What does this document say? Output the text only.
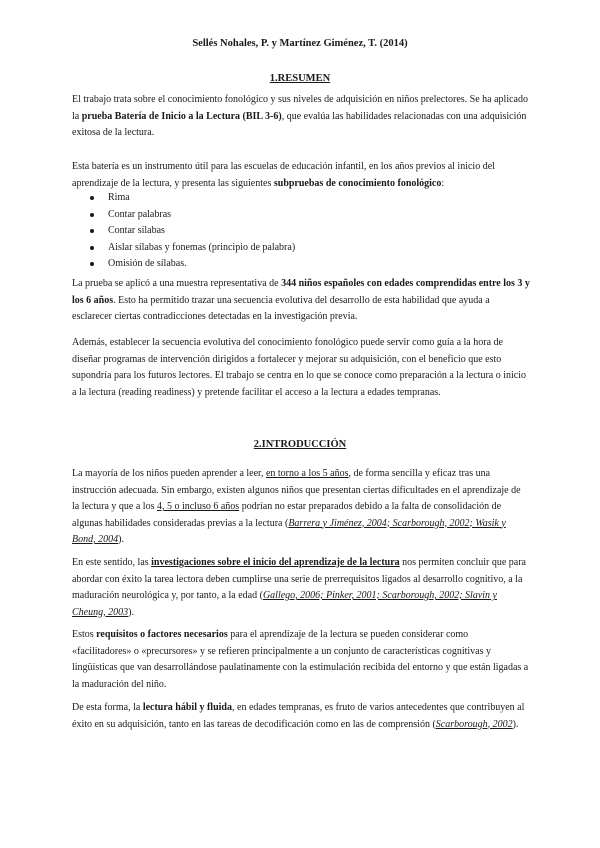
Sellés Nohales, P. y Martínez Giménez, T. (2014)
1.RESUMEN

El trabajo trata sobre el conocimiento fonológico y sus niveles de adquisición en niños prelectores. Se ha aplicado la prueba Batería de Inicio a la Lectura (BIL 3-6), que evalúa las habilidades relacionadas con una adquisición exitosa de la lectura.

Esta batería es un instrumento útil para las escuelas de educación infantil, en los años previos al inicio del aprendizaje de la lectura, y presenta las siguientes subpruebas de conocimiento fonológico:

Rima
Contar palabras
Contar sílabas
Aislar sílabas y fonemas (principio de palabra)
Omisión de sílabas.

La prueba se aplicó a una muestra representativa de 344 niños españoles con edades comprendidas entre los 3 y los 6 años. Esto ha permitido trazar una secuencia evolutiva del desarrollo de esta habilidad que ayuda a esclarecer ciertas contradicciones detectadas en la investigación previa.

Además, establecer la secuencia evolutiva del conocimiento fonológico puede servir como guía a la hora de diseñar programas de intervención dirigidos a fortalecer y mejorar su adquisición, con el beneficio que esto supondría para los futuros lectores. El trabajo se centra en lo que se conoce como preparación a la lectura o inicio a la lectura (reading readiness) y pretende facilitar el acceso a la lectura a edades tempranas.

2.INTRODUCCIÓN

La mayoría de los niños pueden aprender a leer, en torno a los 5 años, de forma sencilla y eficaz tras una instrucción adecuada. Sin embargo, existen algunos niños que presentan ciertas dificultades en el aprendizaje de la lectura y que a los 4, 5 o incluso 6 años podrían no estar preparados debido a la falta de consolidación de algunas habilidades consideradas previas a la lectura (Barrera y Jiménez, 2004; Scarborough, 2002; Wasik y Bond, 2004).

En este sentido, las investigaciones sobre el inicio del aprendizaje de la lectura nos permiten concluir que para abordar con éxito la tarea lectora deben cumplirse una serie de prerrequisitos ligados al desarrollo cognitivo, a la maduración neurológica y, por tanto, a la edad (Gallego, 2006; Pinker, 2001; Scarborough, 2002; Slavin y Cheung, 2003).

Estos requisitos o factores necesarios para el aprendizaje de la lectura se pueden considerar como «facilitadores» o «precursores» y se refieren principalmente a un conjunto de características cognitivas y lingüísticas que van desarrollándose paulatinamente con la estimulación recibida del entorno y que están ligadas a la maduración del niño.

De esta forma, la lectura hábil y fluida, en edades tempranas, es fruto de varios antecedentes que contribuyen al éxito en su adquisición, tanto en las tareas de decodificación como en las de comprensión (Scarborough, 2002).
